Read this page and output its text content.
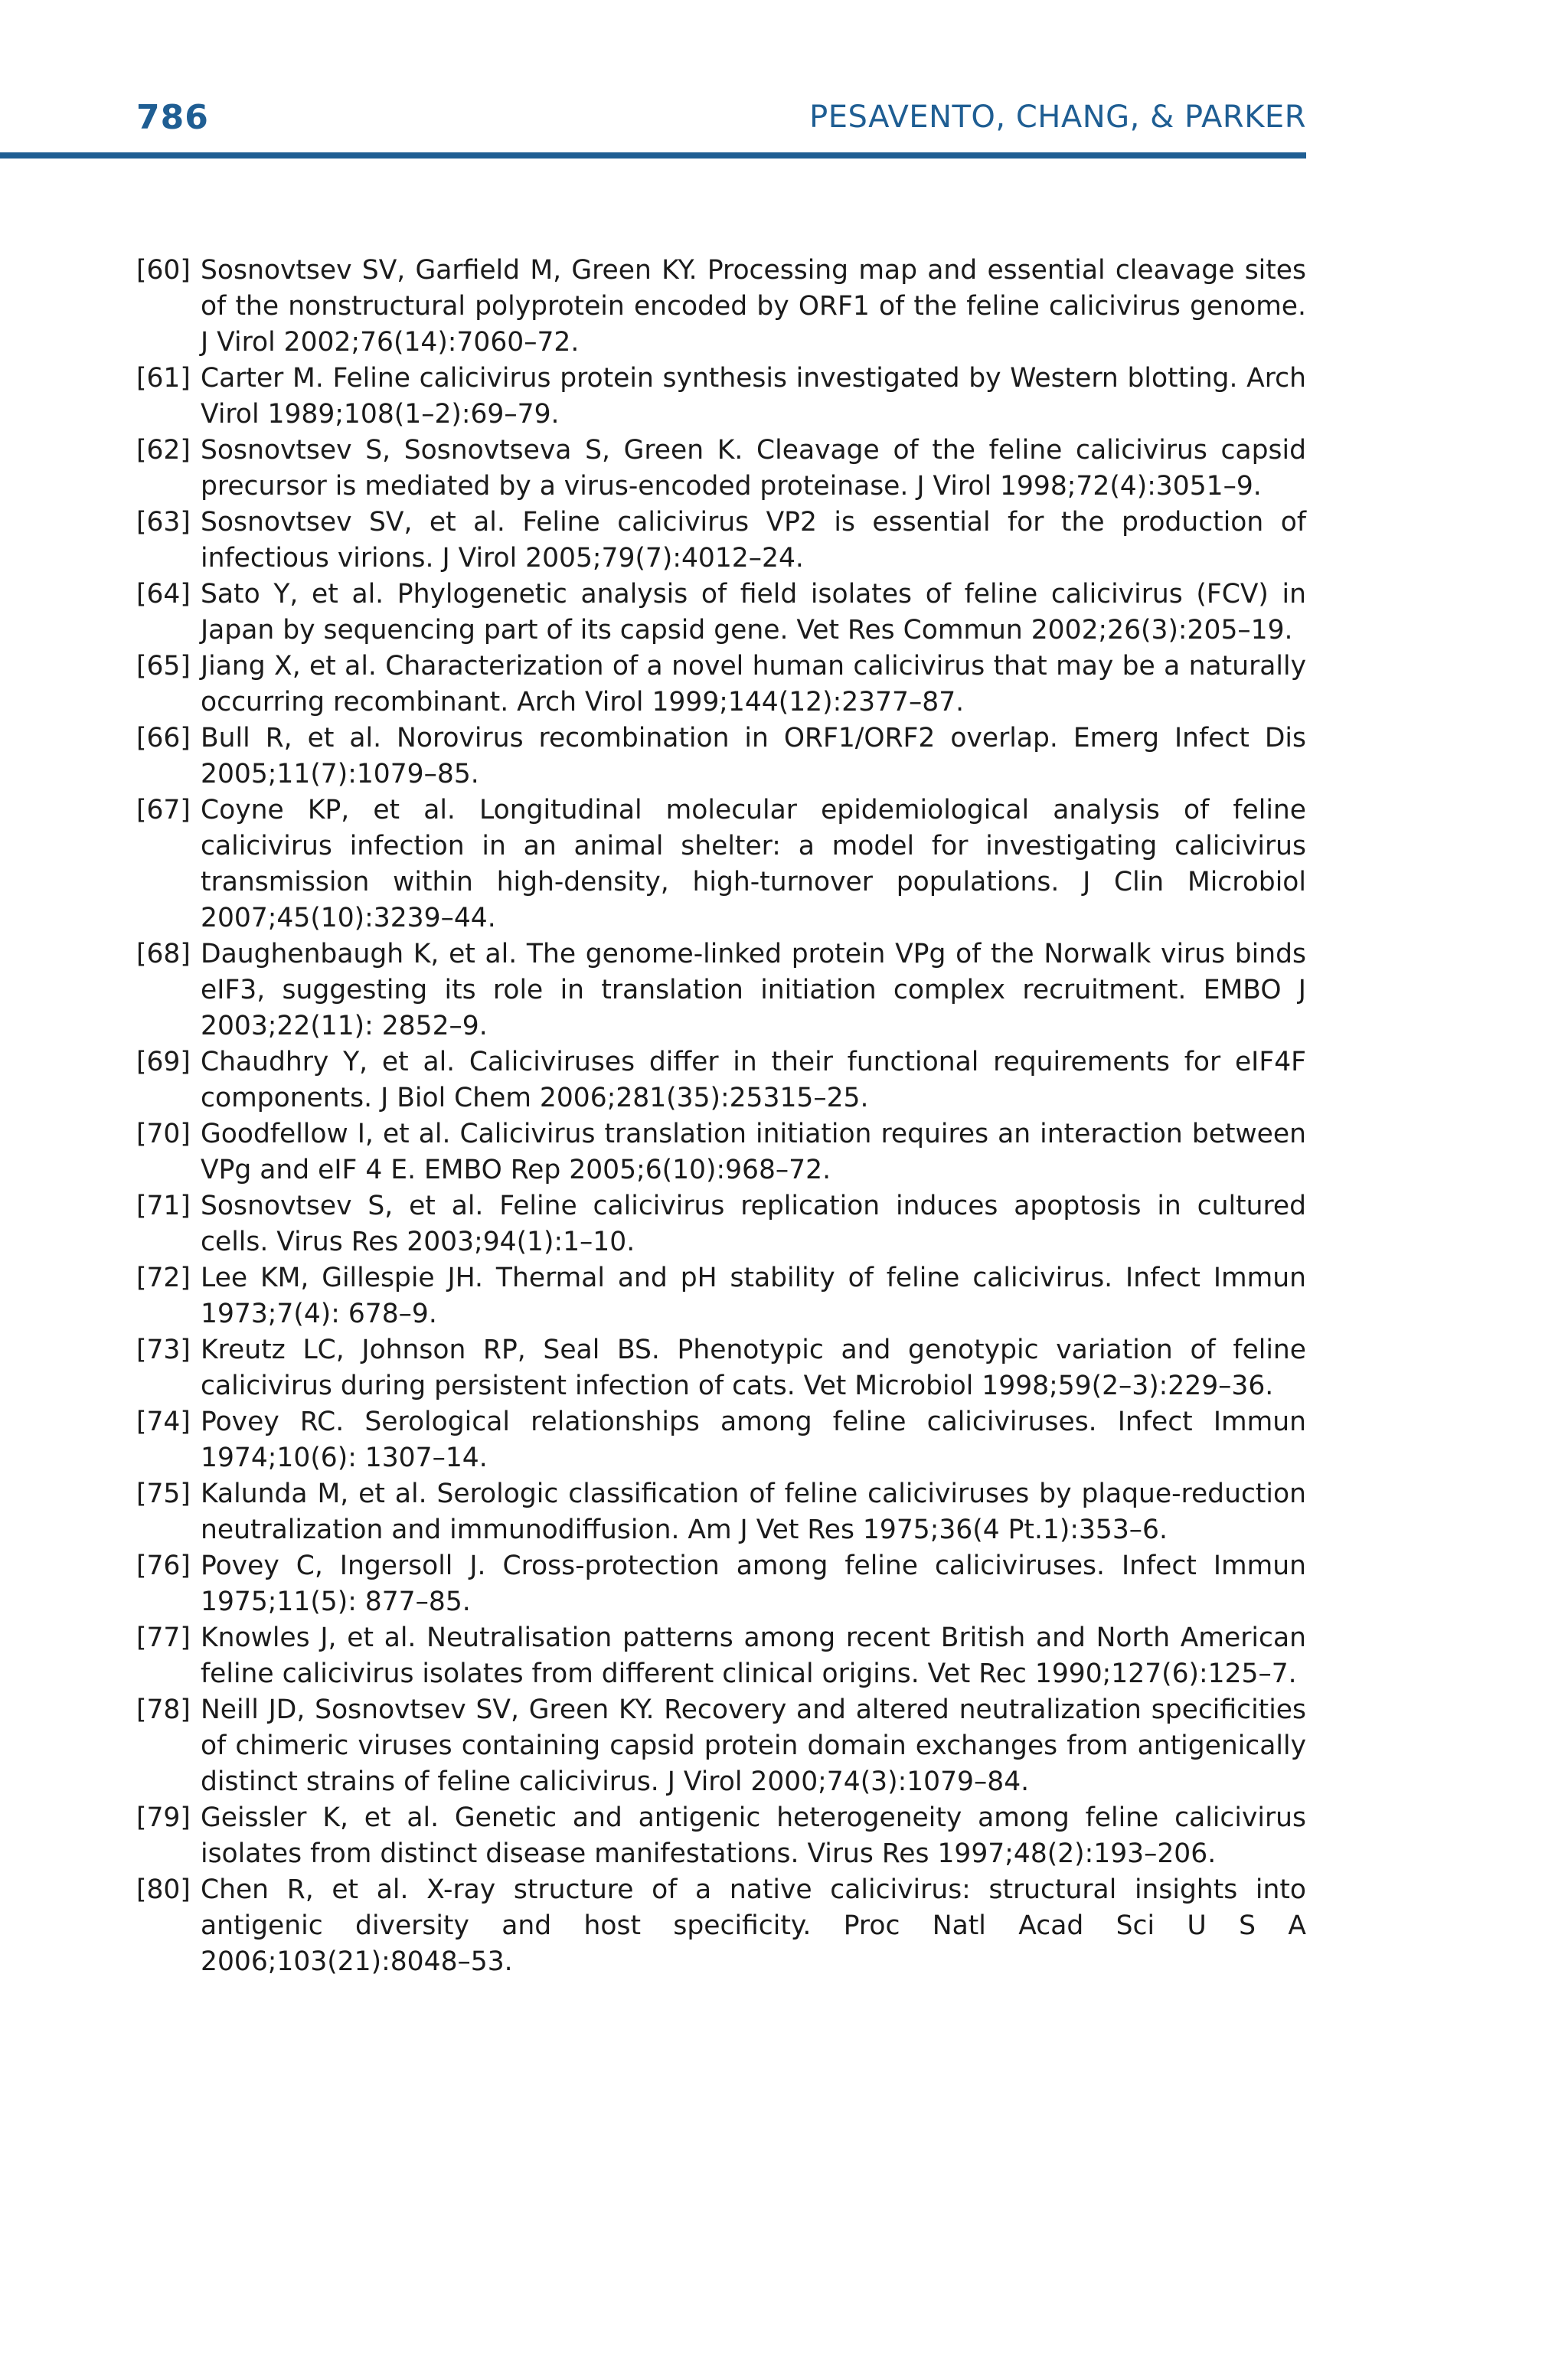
786	PESAVENTO, CHANG, & PARKER
[60] Sosnovtsev SV, Garfield M, Green KY. Processing map and essential cleavage sites of the nonstructural polyprotein encoded by ORF1 of the feline calicivirus genome. J Virol 2002;76(14):7060–72.
[61] Carter M. Feline calicivirus protein synthesis investigated by Western blotting. Arch Virol 1989;108(1–2):69–79.
[62] Sosnovtsev S, Sosnovtseva S, Green K. Cleavage of the feline calicivirus capsid precursor is mediated by a virus-encoded proteinase. J Virol 1998;72(4):3051–9.
[63] Sosnovtsev SV, et al. Feline calicivirus VP2 is essential for the production of infectious virions. J Virol 2005;79(7):4012–24.
[64] Sato Y, et al. Phylogenetic analysis of field isolates of feline calicivirus (FCV) in Japan by sequencing part of its capsid gene. Vet Res Commun 2002;26(3):205–19.
[65] Jiang X, et al. Characterization of a novel human calicivirus that may be a naturally occurring recombinant. Arch Virol 1999;144(12):2377–87.
[66] Bull R, et al. Norovirus recombination in ORF1/ORF2 overlap. Emerg Infect Dis 2005;11(7):1079–85.
[67] Coyne KP, et al. Longitudinal molecular epidemiological analysis of feline calicivirus infection in an animal shelter: a model for investigating calicivirus transmission within high-density, high-turnover populations. J Clin Microbiol 2007;45(10):3239–44.
[68] Daughenbaugh K, et al. The genome-linked protein VPg of the Norwalk virus binds eIF3, suggesting its role in translation initiation complex recruitment. EMBO J 2003;22(11): 2852–9.
[69] Chaudhry Y, et al. Caliciviruses differ in their functional requirements for eIF4F components. J Biol Chem 2006;281(35):25315–25.
[70] Goodfellow I, et al. Calicivirus translation initiation requires an interaction between VPg and eIF 4 E. EMBO Rep 2005;6(10):968–72.
[71] Sosnovtsev S, et al. Feline calicivirus replication induces apoptosis in cultured cells. Virus Res 2003;94(1):1–10.
[72] Lee KM, Gillespie JH. Thermal and pH stability of feline calicivirus. Infect Immun 1973;7(4): 678–9.
[73] Kreutz LC, Johnson RP, Seal BS. Phenotypic and genotypic variation of feline calicivirus during persistent infection of cats. Vet Microbiol 1998;59(2–3):229–36.
[74] Povey RC. Serological relationships among feline caliciviruses. Infect Immun 1974;10(6): 1307–14.
[75] Kalunda M, et al. Serologic classification of feline caliciviruses by plaque-reduction neutralization and immunodiffusion. Am J Vet Res 1975;36(4 Pt.1):353–6.
[76] Povey C, Ingersoll J. Cross-protection among feline caliciviruses. Infect Immun 1975;11(5): 877–85.
[77] Knowles J, et al. Neutralisation patterns among recent British and North American feline calicivirus isolates from different clinical origins. Vet Rec 1990;127(6):125–7.
[78] Neill JD, Sosnovtsev SV, Green KY. Recovery and altered neutralization specificities of chimeric viruses containing capsid protein domain exchanges from antigenically distinct strains of feline calicivirus. J Virol 2000;74(3):1079–84.
[79] Geissler K, et al. Genetic and antigenic heterogeneity among feline calicivirus isolates from distinct disease manifestations. Virus Res 1997;48(2):193–206.
[80] Chen R, et al. X-ray structure of a native calicivirus: structural insights into antigenic diversity and host specificity. Proc Natl Acad Sci U S A 2006;103(21):8048–53.
